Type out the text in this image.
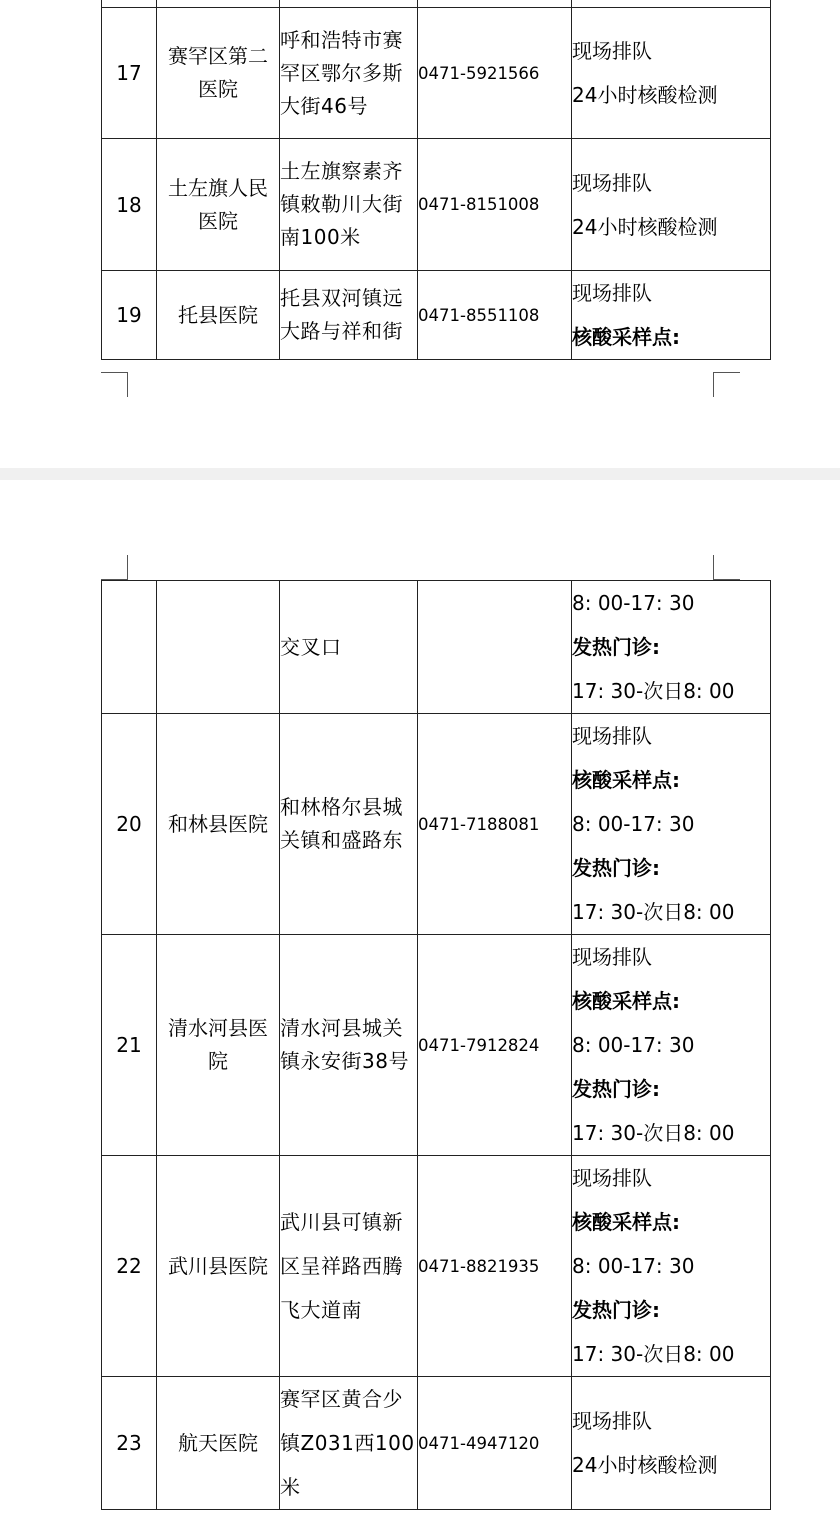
17	赛罕区第二
医院	呼和浩特市赛
罕区鄂尔多斯
大街46号	0471-5921566	现场排队
24小时核酸检测

18	土左旗人民
医院	土左旗察素齐
镇敕勒川大街
南100米	0471-8151008	现场排队
24小时核酸检测

19	托县医院	托县双河镇远
大路与祥和街	0471-8551108	现场排队
核酸采样点:

		交叉口		8: 00-17: 30
发热门诊:
17: 30-次日8: 00

20	和林县医院	和林格尔县城
关镇和盛路东	0471-7188081	现场排队
核酸采样点:
8: 00-17: 30
发热门诊:
17: 30-次日8: 00

21	清水河县医
院	清水河县城关
镇永安街38号	0471-7912824	现场排队
核酸采样点:
8: 00-17: 30
发热门诊:
17: 30-次日8: 00

22	武川县医院	武川县可镇新
区呈祥路西腾
飞大道南	0471-8821935	现场排队
核酸采样点:
8: 00-17: 30
发热门诊:
17: 30-次日8: 00

23	航天医院	赛罕区黄合少
镇Z031西100
米	0471-4947120	现场排队
24小时核酸检测
